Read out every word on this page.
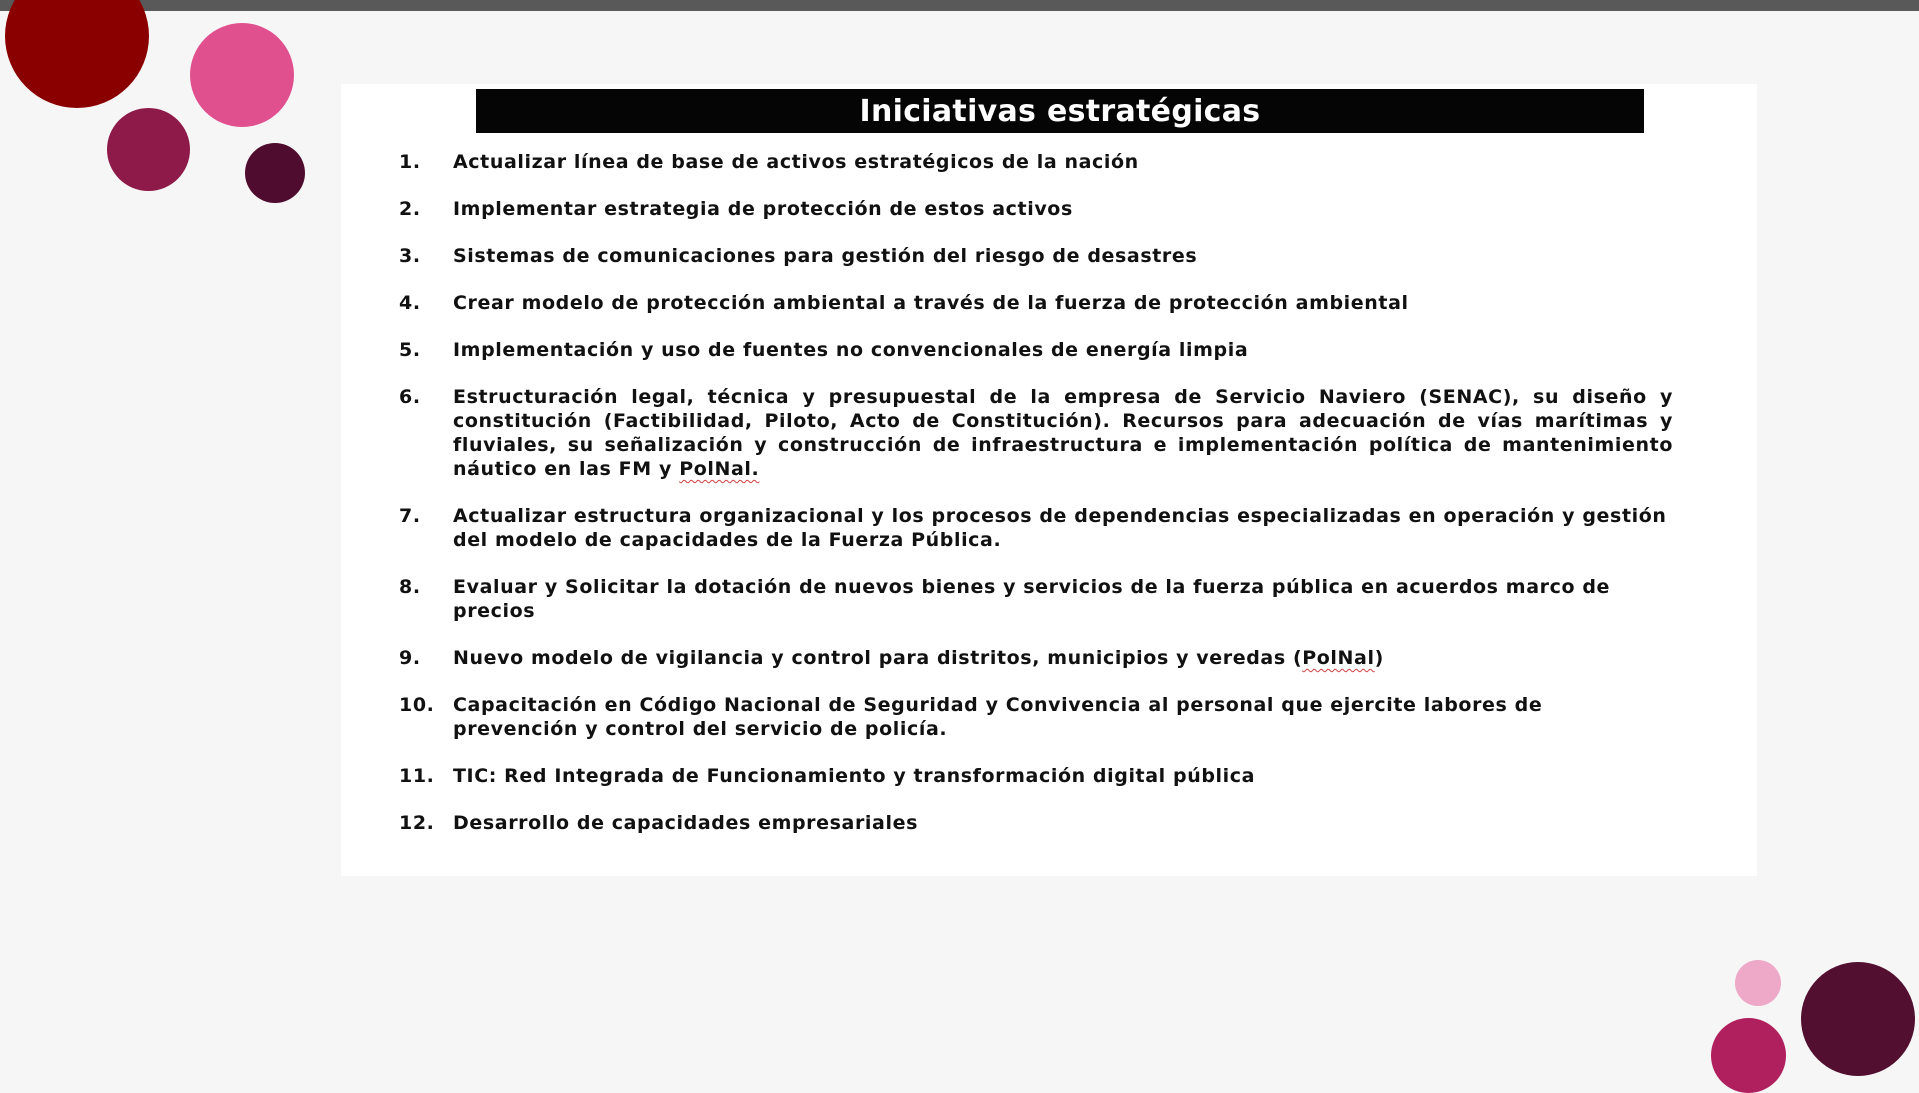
Iniciativas estratégicas
1.	Actualizar línea de base de activos estratégicos de la nación
2.	Implementar estrategia de protección de estos activos
3.	Sistemas de comunicaciones para gestión del riesgo de desastres
4.	Crear modelo de protección ambiental a través de la fuerza de protección ambiental
5.	Implementación y uso de fuentes no convencionales de energía limpia
6.	Estructuración legal, técnica y presupuestal de la empresa de Servicio Naviero (SENAC), su diseño y constitución (Factibilidad, Piloto, Acto de Constitución). Recursos para adecuación de vías marítimas y fluviales, su señalización y construcción de infraestructura e implementación política de mantenimiento náutico en las FM y PolNal.
7.	Actualizar estructura organizacional y los procesos de dependencias especializadas en operación y gestión del modelo de capacidades de la Fuerza Pública.
8.	Evaluar y Solicitar la dotación de nuevos bienes y servicios de la fuerza pública en acuerdos marco de precios
9.	Nuevo modelo de vigilancia y control para distritos, municipios y veredas (PolNal)
10. Capacitación en Código Nacional de Seguridad y Convivencia al personal que ejercite labores de prevención y control del servicio de policía.
11. TIC: Red Integrada de Funcionamiento y transformación digital pública
12. Desarrollo de capacidades empresariales
